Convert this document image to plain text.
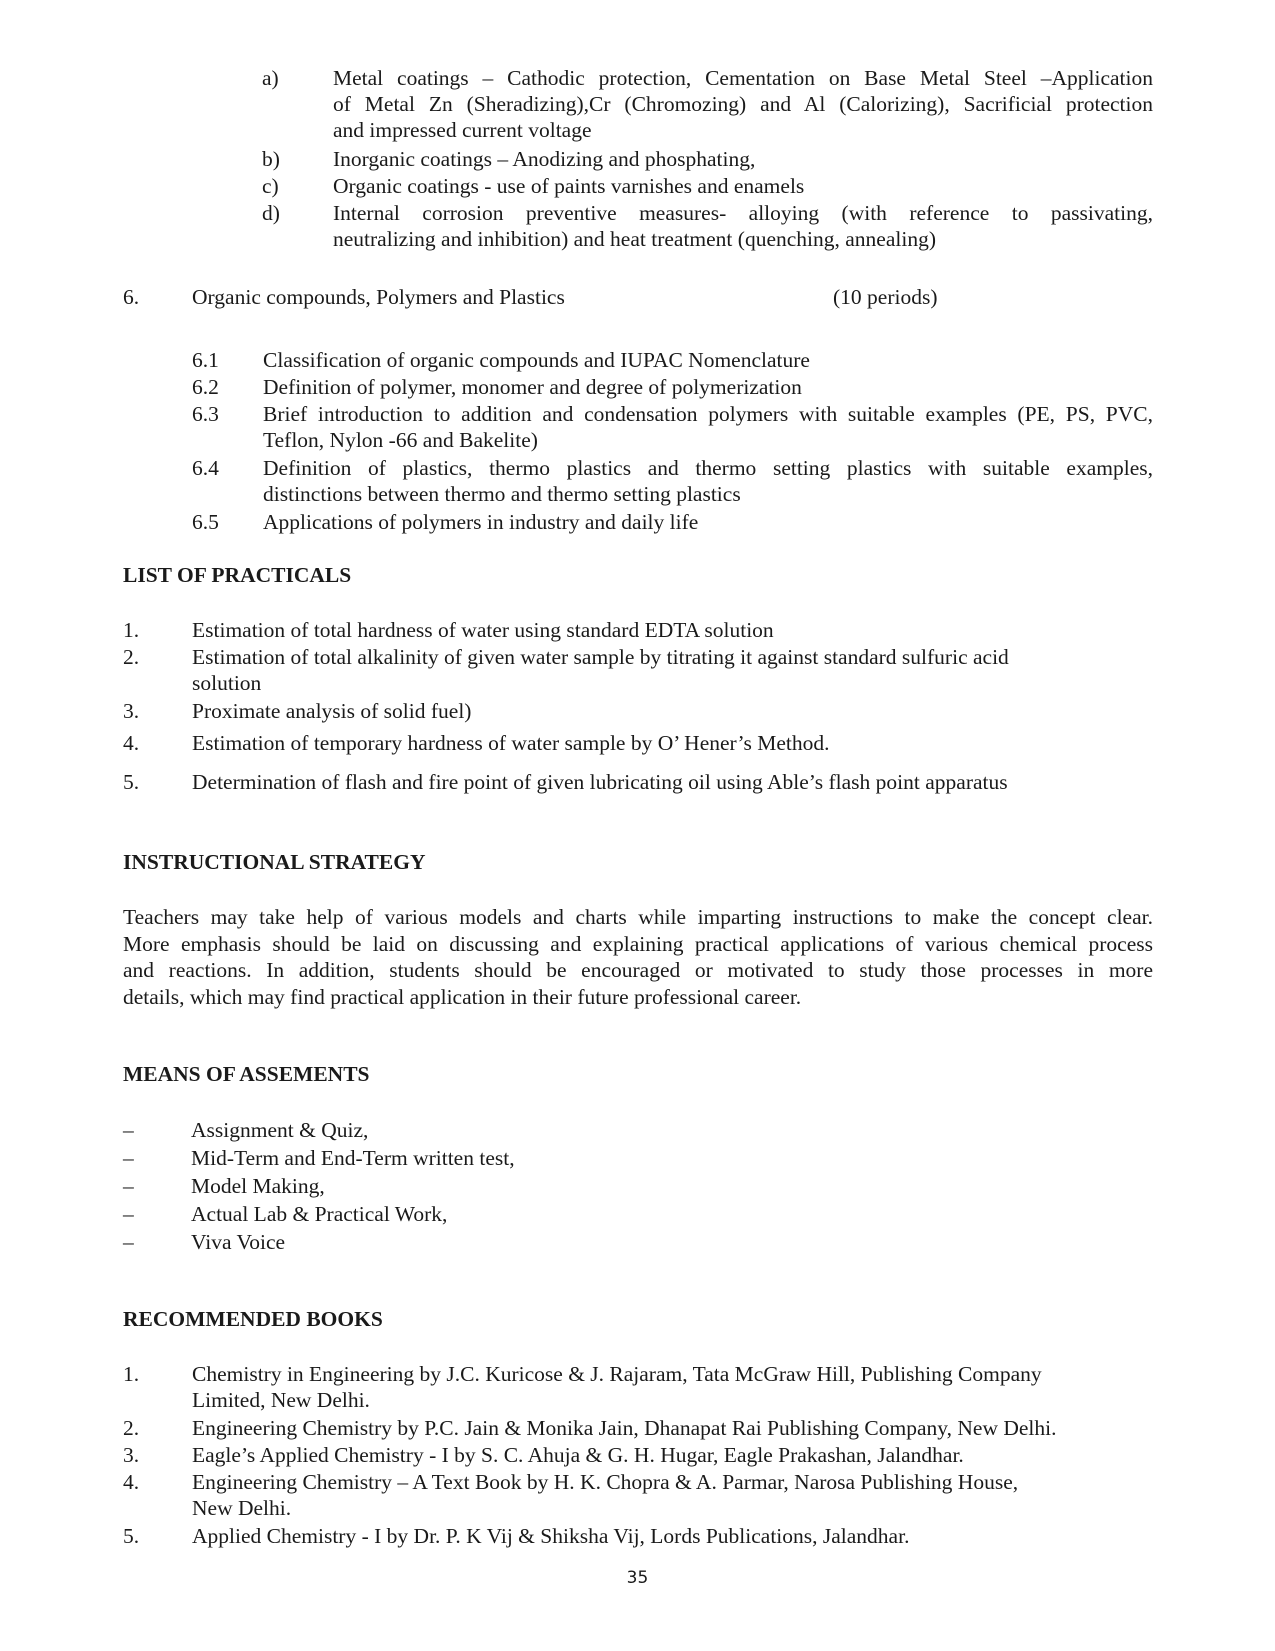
a)	Metal coatings – Cathodic protection, Cementation on Base Metal Steel –Application
of Metal Zn (Sheradizing),Cr (Chromozing) and Al (Calorizing), Sacrificial protection
and impressed current voltage
b) Inorganic coatings – Anodizing and phosphating,
c)	Organic coatings - use of paints varnishes and enamels
d) Internal corrosion preventive measures- alloying (with reference to passivating,
neutralizing and inhibition) and heat treatment (quenching, annealing)
6. Organic compounds, Polymers and Plastics	(10 periods)
6.1 Classification of organic compounds and IUPAC Nomenclature
6.2 Definition of polymer, monomer and degree of polymerization
6.3 Brief introduction to addition and condensation polymers with suitable examples (PE, PS, PVC,
Teflon, Nylon -66 and Bakelite)
6.4 Definition of plastics, thermo plastics and thermo setting plastics with suitable examples,
distinctions between thermo and thermo setting plastics
6.5 Applications of polymers in industry and daily life
LIST OF PRACTICALS
1. Estimation of total hardness of water using standard EDTA solution
2. Estimation of total alkalinity of given water sample by titrating it against standard sulfuric acid
solution
3. Proximate analysis of solid fuel)
4. Estimation of temporary hardness of water sample by O’ Hener’s Method.
5. Determination of flash and fire point of given lubricating oil using Able’s flash point apparatus
INSTRUCTIONAL STRATEGY
Teachers may take help of various models and charts while imparting instructions to make the concept clear.
More emphasis should be laid on discussing and explaining practical applications of various chemical process
and reactions. In addition, students should be encouraged or motivated to study those processes in more
details, which may find practical application in their future professional career.
MEANS OF ASSEMENTS
–	Assignment & Quiz,
–	Mid-Term and End-Term written test,
–	Model Making,
–	Actual Lab & Practical Work,
–	Viva Voice
RECOMMENDED BOOKS
1. Chemistry in Engineering by J.C. Kuricose & J. Rajaram, Tata McGraw Hill, Publishing Company
Limited, New Delhi.
2. Engineering Chemistry by P.C. Jain & Monika Jain, Dhanapat Rai Publishing Company, New Delhi.
3. Eagle’s Applied Chemistry - I by S. C. Ahuja & G. H. Hugar, Eagle Prakashan, Jalandhar.
4. Engineering Chemistry – A Text Book by H. K. Chopra & A. Parmar, Narosa Publishing House,
New Delhi.
5. Applied Chemistry - I by Dr. P. K Vij & Shiksha Vij, Lords Publications, Jalandhar.
35
